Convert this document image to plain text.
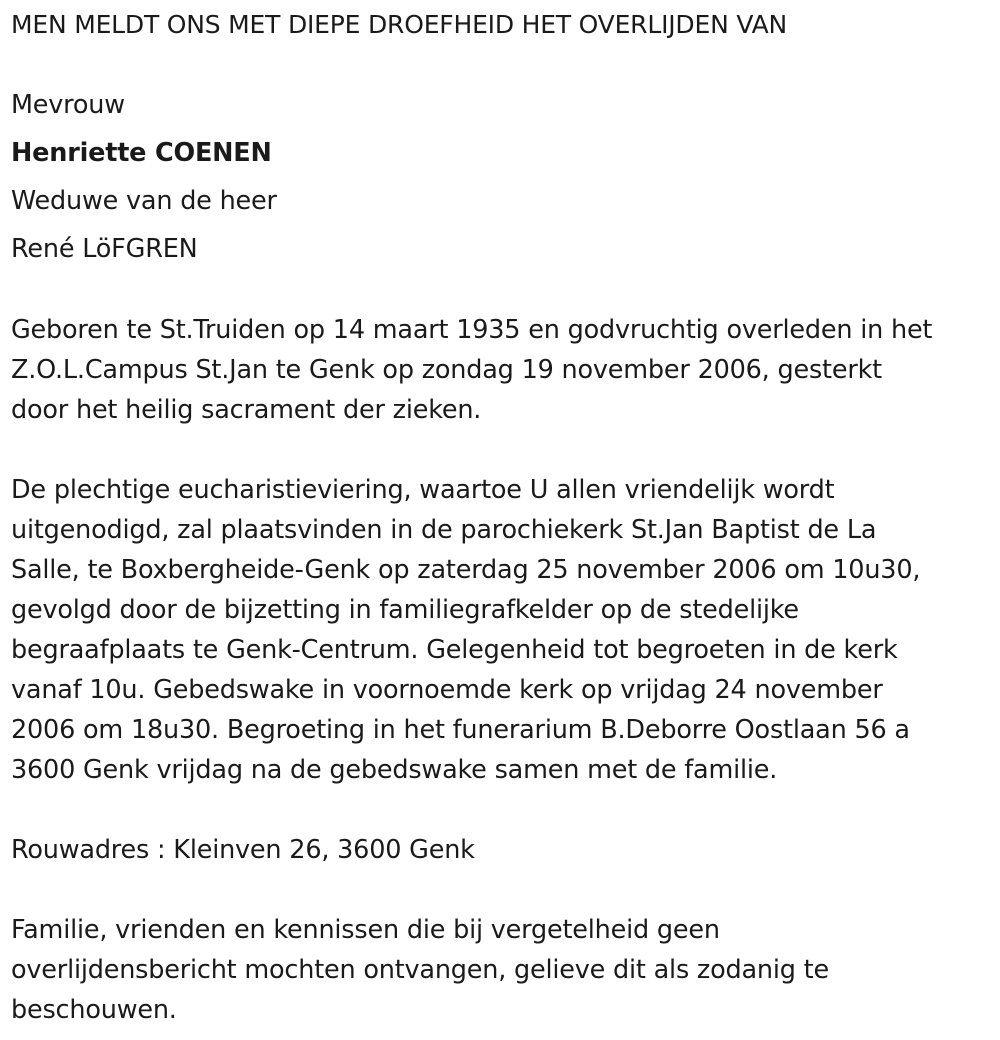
MEN MELDT ONS MET DIEPE DROEFHEID HET OVERLIJDEN VAN

Mevrouw

Henriette COENEN

Weduwe van de heer

René LöFGREN

Geboren te St.Truiden op 14 maart 1935 en godvruchtig overleden in het

Z.O.L.Campus St.Jan te Genk op zondag 19 november 2006, gesterkt

door het heilig sacrament der zieken.

De plechtige eucharistieviering, waartoe U allen vriendelijk wordt

uitgenodigd, zal plaatsvinden in de parochiekerk St.Jan Baptist de La

Salle, te Boxbergheide-Genk op zaterdag 25 november 2006 om 10u30,

gevolgd door de bijzetting in familiegrafkelder op de stedelijke

begraafplaats te Genk-Centrum. Gelegenheid tot begroeten in de kerk

vanaf 10u. Gebedswake in voornoemde kerk op vrijdag 24 november

2006 om 18u30. Begroeting in het funerarium B.Deborre Oostlaan 56 a

3600 Genk vrijdag na de gebedswake samen met de familie.

Rouwadres : Kleinven 26, 3600 Genk

Familie, vrienden en kennissen die bij vergetelheid geen

overlijdensbericht mochten ontvangen, gelieve dit als zodanig te

beschouwen.
